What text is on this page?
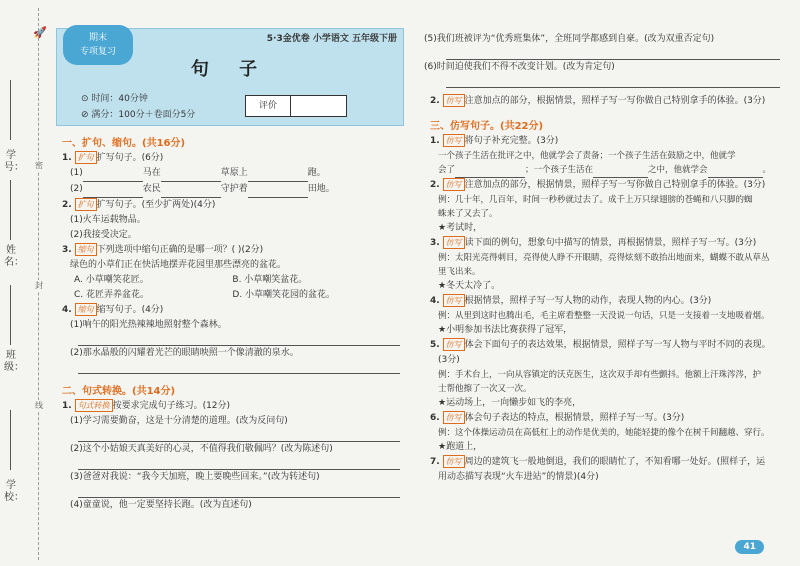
🚀
学号：
姓名：
班级：
学校：
密
封
线
期末
专项复习
5·3金优卷 小学语文 五年级下册
句 子
⊙ 时间：40分钟
⊘ 满分：100分＋卷面分5分
评价
一、扩句、缩句。(共16分)
1. 扩句 扩写句子。(6分)
(1)	马在	草原上	跑。
(2)	农民	守护着	田地。
2. 扩句 扩写句子。(至少扩两处)(4分)
(1)火车运载物品。
(2)我接受决定。
3. 缩句 下列选项中缩句正确的是哪一项？( )(2分)
绿色的小草们正在快活地摆弄花园里那些漂亮的盆花。
A. 小草嘲笑花匠。	B. 小草嘲笑盆花。
C. 花匠弄养盆花。	D. 小草嘲笑花园的盆花。
4. 缩句 缩写句子。(4分)
(1)响午的阳光热辣辣地照射整个森林。
(2)那水晶般的闪耀着光芒的眼睛映照一个像清澈的泉水。
二、句式转换。(共14分)
1. 句式转换 按要求完成句子练习。(12分)
(1)学习需要勤奋，这是十分清楚的道理。(改为反问句)
(2)这个小姑娘天真美好的心灵，不值得我们敬佩吗？(改为陈述句)
(3)爸爸对我说：“我今天加班，晚上要晚些回来。”(改为转述句)
(4)童童说，他一定要坚持长跑。(改为直述句)
(5)我们班被评为“优秀班集体”，全班同学都感到自豪。(改为双重否定句)
(6)时间迫使我们不得不改变计划。(改为肯定句)
2. 仿写 注意加点的部分，根据情景，照样子写一写你做自己特别拿手的体验。(3分)
三、仿写句子。(共22分)
1. 仿写 将句子补充完整。(3分)
一个孩子生活在批评之中，他就学会了责备；一个孩子生活在鼓励之中，他就学
会了	；一个孩子生活在	之中，他就学会	。
2. 仿写 注意加点的部分，根据情景，照样子写一写你做自己特别拿手的体验。(3分)
例：几十年，几百年，时间一秒秒就过去了。成千上万只绿翅膀的苍蝇和八只脚的蜘
蛛来了又去了。
★考试时，
3. 仿写 读下面的例句，想象句中描写的情景，再根据情景，照样子写一写。(3分)
例：太阳光亮得刺目，亮得使人睁不开眼睛，亮得炫刻不敢抬出地面来，蝴蝶不敢从草丛
里飞出来。
★冬天太冷了。
4. 仿写 根据情景，照样子写一写人物的动作，表现人物的内心。(3分)
例：从里到这时也腾出毛，毛主席看整整一天没说一句话，只是一支接着一支地吸着烟。
★小明参加书法比赛获得了冠军，
5. 仿写 体会下面句子的表达效果，根据情景，照样子写一写人物与平时不同的表现。
(3分)
例：手术台上，一向从容镇定的沃克医生，这次双手却有些颤抖。他额上汗珠涔涔，护
士帮他擦了一次又一次。
★运动场上，一向懒步如飞的李亮，
6. 仿写 体会句子表达的特点，根据情景，照样子写一写。(3分)
例：这个体操运动员在高低杠上的动作是优美的，她能轻捷的像个在树千间翻越、穿行。
★跑道上，
7. 仿写 周边的建筑飞一般地倒退，我们的眼睛忙了，不知看哪一处好。(照样子，运
用动态描写表现“火车进站”的情景)(4分)
41
